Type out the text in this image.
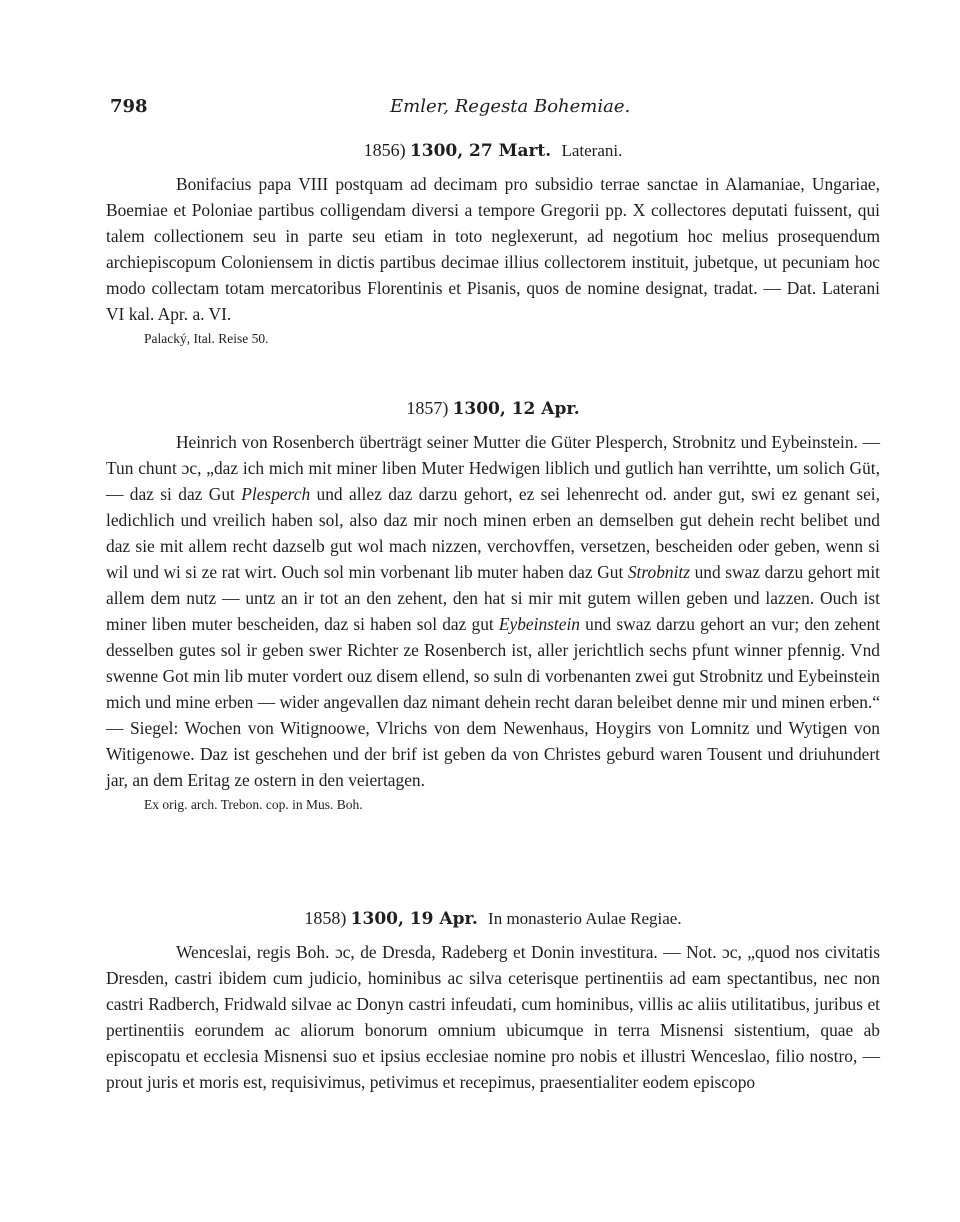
798	Emler, Regesta Bohemiae.
1856) 1300, 27 Mart. Laterani.

Bonifacius papa VIII postquam ad decimam pro subsidio terrae sanctae in Alamaniae, Ungariae, Boemiae et Poloniae partibus colligendam diversi a tempore Gregorii pp. X collectores deputati fuissent, qui talem collectionem seu in parte seu etiam in toto neglexerunt, ad negotium hoc melius prosequendum archiepiscopum Coloniensem in dictis partibus decimae illius collectorem instituit, jubetque, ut pecuniam hoc modo collectam totam mercatoribus Florentinis et Pisanis, quos de nomine designat, tradat. — Dat. Laterani VI kal. Apr. a. VI.

Palacký, Ital. Reise 50.
1857) 1300, 12 Apr.

Heinrich von Rosenberch überträgt seiner Mutter die Güter Plesperch, Strobnitz und Eybeinstein. — Tun chunt ɔc, „daz ich mich mit miner liben Muter Hedwigen liblich und gutlich han verrihtte, um solich Güt, — daz si daz Gut Plesperch und allez daz darzu gehort, ez sei lehenrecht od. ander gut, swi ez genant sei, ledichlich und vreilich haben sol, also daz mir noch minen erben an demselben gut dehein recht belibet und daz sie mit allem recht dazselb gut wol mach nizzen, verchovffen, versetzen, bescheiden oder geben, wenn si wil und wi si ze rat wirt. Ouch sol min vorbenant lib muter haben daz Gut Strobnitz und swaz darzu gehort mit allem dem nutz — untz an ir tot an den zehent, den hat si mir mit gutem willen geben und lazzen. Ouch ist miner liben muter bescheiden, daz si haben sol daz gut Eybeinstein und swaz darzu gehort an vur; den zehent desselben gutes sol ir geben swer Richter ze Rosenberch ist, aller jerichtlich sechs pfunt winner pfennig. Vnd swenne Got min lib muter vordert ouz disem ellend, so suln di vorbenanten zwei gut Strobnitz und Eybeinstein mich und mine erben — wider angevallen daz nimant dehein recht daran beleibet denne mir und minen erben.“ — Siegel: Wochen von Witignoowe, Vlrichs von dem Newenhaus, Hoygirs von Lomnitz und Wytigen von Witigenowe. Daz ist geschehen und der brif ist geben da von Christes geburd waren Tousent und driuhundert jar, an dem Eritag ze ostern in den veiertagen.

Ex orig. arch. Trebon. cop. in Mus. Boh.
1858) 1300, 19 Apr. In monasterio Aulae Regiae.

Wenceslai, regis Boh. ɔc, de Dresda, Radeberg et Donin investitura. — Not. ɔc, „quod nos civitatis Dresden, castri ibidem cum judicio, hominibus ac silva ceterisque pertinentiis ad eam spectantibus, nec non castri Radberch, Fridwald silvae ac Donyn castri infeudati, cum hominibus, villis ac aliis utilitatibus, juribus et pertinentiis eorundem ac aliorum bonorum omnium ubicumque in terra Misnensi sistentium, quae ab episcopatu et ecclesia Misnensi suo et ipsius ecclesiae nomine pro nobis et illustri Wenceslao, filio nostro, — prout juris et moris est, requisivimus, petivimus et recepimus, praesentialiter eodem episcopo
